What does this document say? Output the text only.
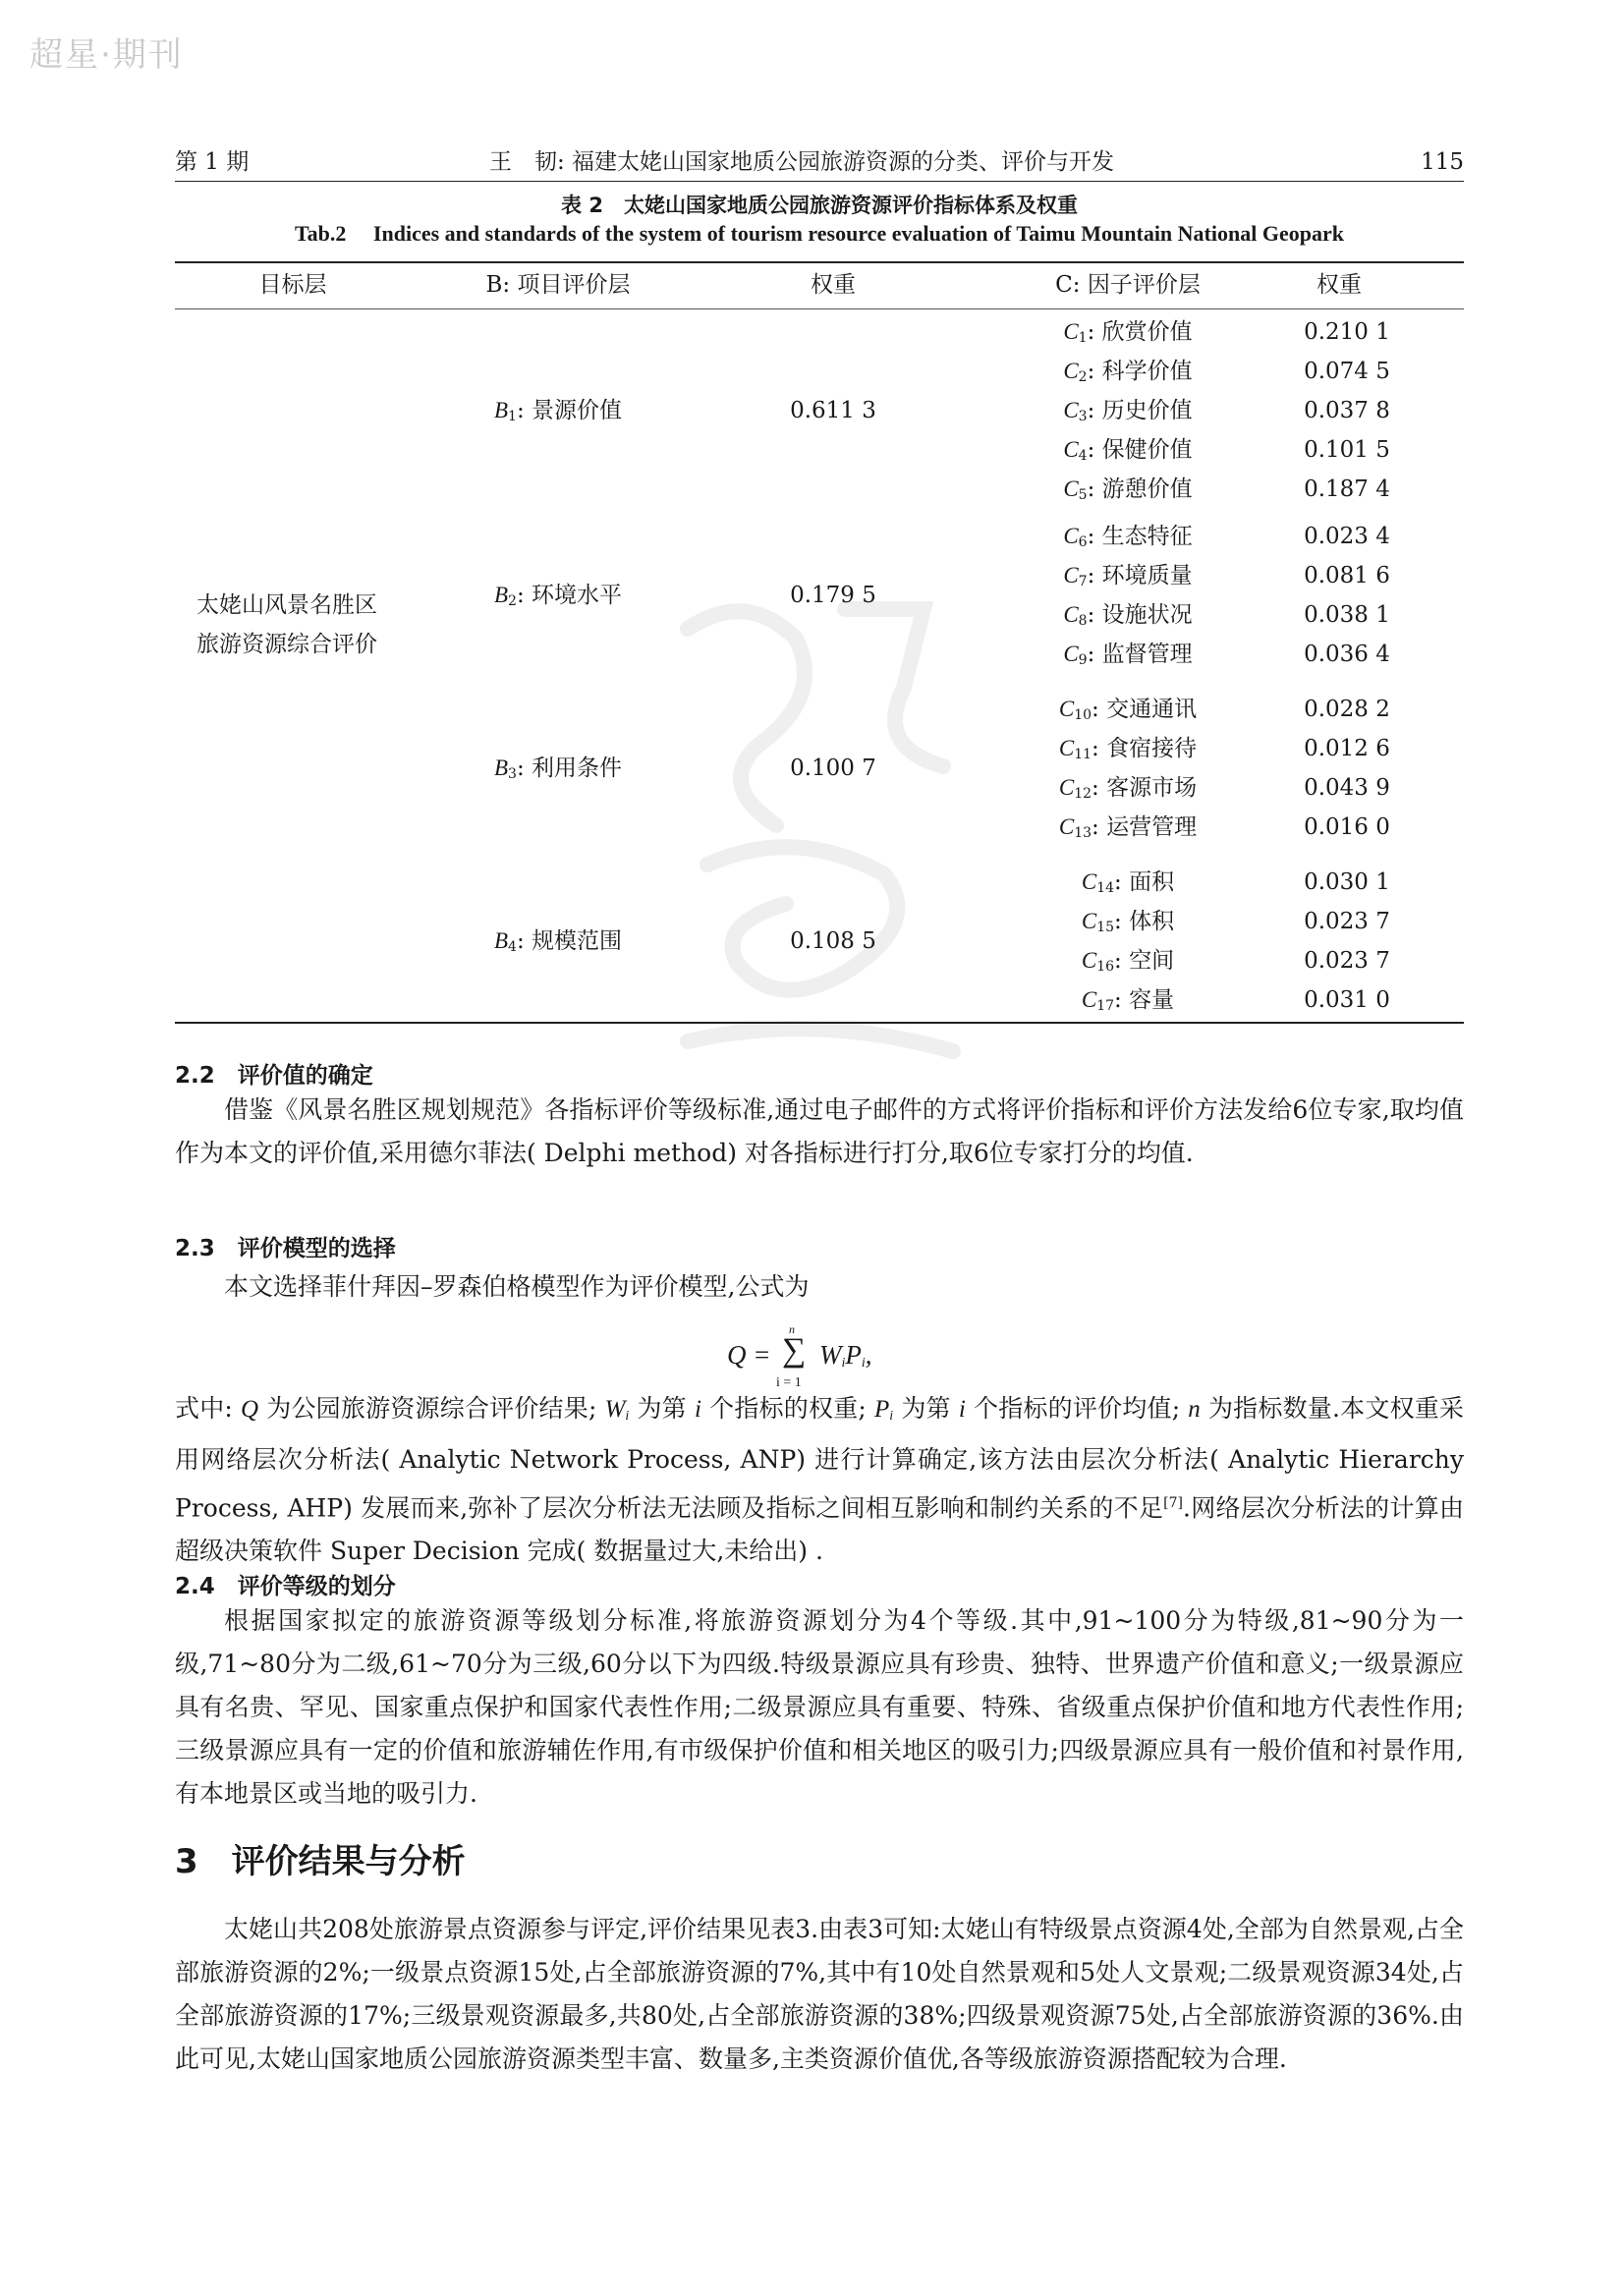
超星·期刊
第 1 期	王　韧: 福建太姥山国家地质公园旅游资源的分类、评价与开发	115
表 2　太姥山国家地质公园旅游资源评价指标体系及权重
Tab.2　 Indices and standards of the system of tourism resource evaluation of Taimu Mountain National Geopark
目标层	B: 项目评价层	权重	C: 因子评价层	权重
太姥山风景名胜区
旅游资源综合评价
$B_1$: 景源价值	0.611 3
$C_1$: 欣赏价值	0.210 1
$C_2$: 科学价值	0.074 5
$C_3$: 历史价值	0.037 8
$C_4$: 保健价值	0.101 5
$C_5$: 游憩价值	0.187 4
$B_2$: 环境水平	0.179 5
$C_6$: 生态特征	0.023 4
$C_7$: 环境质量	0.081 6
$C_8$: 设施状况	0.038 1
$C_9$: 监督管理	0.036 4
$B_3$: 利用条件	0.100 7
$C_{10}$: 交通通讯	0.028 2
$C_{11}$: 食宿接待	0.012 6
$C_{12}$: 客源市场	0.043 9
$C_{13}$: 运营管理	0.016 0
$B_4$: 规模范围	0.108 5
$C_{14}$: 面积	0.030 1
$C_{15}$: 体积	0.023 7
$C_{16}$: 空间	0.023 7
$C_{17}$: 容量	0.031 0
2.2　评价值的确定

借鉴《风景名胜区规划规范》各指标评价等级标准,通过电子邮件的方式将评价指标和评价方法发给6位专家,取均值作为本文的评价值,采用德尔菲法( Delphi method) 对各指标进行打分,取6位专家打分的均值.

2.3　评价模型的选择

本文选择菲什拜因–罗森伯格模型作为评价模型,公式为

Q =
n
∑
i = 1
$W_iP_i$,

式中: Q 为公园旅游资源综合评价结果; $W_i$ 为第 i 个指标的权重; $P_i$ 为第 i 个指标的评价均值; n 为指标数量.本文权重采用网络层次分析法( Analytic Network Process, ANP) 进行计算确定,该方法由层次分析法( Analytic Hierarchy Process, AHP) 发展而来,弥补了层次分析法无法顾及指标之间相互影响和制约关系的不足[7].网络层次分析法的计算由超级决策软件 Super Decision 完成( 数据量过大,未给出) .

2.4　评价等级的划分

根据国家拟定的旅游资源等级划分标准,将旅游资源划分为4个等级.其中,91~100分为特级,81~90分为一级,71~80分为二级,61~70分为三级,60分以下为四级.特级景源应具有珍贵、独特、世界遗产价值和意义;一级景源应具有名贵、罕见、国家重点保护和国家代表性作用;二级景源应具有重要、特殊、省级重点保护价值和地方代表性作用;三级景源应具有一定的价值和旅游辅佐作用,有市级保护价值和相关地区的吸引力;四级景源应具有一般价值和衬景作用,有本地景区或当地的吸引力.

3　评价结果与分析

太姥山共208处旅游景点资源参与评定,评价结果见表3.由表3可知:太姥山有特级景点资源4处,全部为自然景观,占全部旅游资源的2%;一级景点资源15处,占全部旅游资源的7%,其中有10处自然景观和5处人文景观;二级景观资源34处,占全部旅游资源的17%;三级景观资源最多,共80处,占全部旅游资源的38%;四级景观资源75处,占全部旅游资源的36%.由此可见,太姥山国家地质公园旅游资源类型丰富、数量多,主类资源价值优,各等级旅游资源搭配较为合理.
